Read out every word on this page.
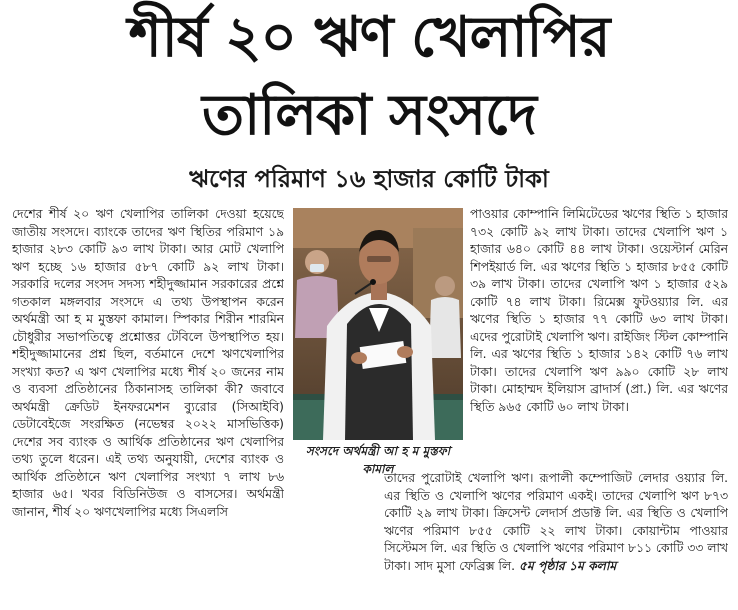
শীর্ষ ২০ ঋণ খেলাপির
তালিকা সংসদে
ঋণের পরিমাণ ১৬ হাজার কোটি টাকা

দেশের শীর্ষ ২০ ঋণ খেলাপির তালিকা দেওয়া হয়েছে জাতীয় সংসদে। ব্যাংকে তাদের ঋণ স্থিতির পরিমাণ ১৯ হাজার ২৮৩ কোটি ৯৩ লাখ টাকা। আর মোট খেলাপি ঋণ হচ্ছে ১৬ হাজার ৫৮৭ কোটি ৯২ লাখ টাকা। সরকারি দলের সংসদ সদস্য শহীদুজ্জামান সরকারের প্রশ্নে গতকাল মঙ্গলবার সংসদে এ তথ্য উপস্থাপন করেন অর্থমন্ত্রী আ হ ম মুস্তফা কামাল। স্পিকার শিরীন শারমিন চৌধুরীর সভাপতিত্বে প্রশ্নোত্তর টেবিলে উপস্থাপিত হয়। শহীদুজ্জামানের প্রশ্ন ছিল, বর্তমানে দেশে ঋণখেলাপির সংখ্যা কত? এ ঋণ খেলাপির মধ্যে শীর্ষ ২০ জনের নাম ও ব্যবসা প্রতিষ্ঠানের ঠিকানাসহ তালিকা কী? জবাবে অর্থমন্ত্রী ক্রেডিট ইনফরমেশন ব্যুরোর (সিআইবি) ডেটাবেইজে সংরক্ষিত (নভেম্বর ২০২২ মাসভিত্তিক) দেশের সব ব্যাংক ও আর্থিক প্রতিষ্ঠানের ঋণ খেলাপির তথ্য তুলে ধরেন। এই তথ্য অনুযায়ী, দেশের ব্যাংক ও আর্থিক প্রতিষ্ঠানে ঋণ খেলাপির সংখ্যা ৭ লাখ ৮৬ হাজার ৬৫। খবর বিডিনিউজ ও বাসসের। অর্থমন্ত্রী জানান, শীর্ষ ২০ ঋণখেলাপির মধ্যে সিএলসি

সংসদে অর্থমন্ত্রী আ হ ম মুস্তফা কামাল

পাওয়ার কোম্পানি লিমিটেডের ঋণের স্থিতি ১ হাজার ৭৩২ কোটি ৯২ লাখ টাকা। তাদের খেলাপি ঋণ ১ হাজার ৬৪০ কোটি ৪৪ লাখ টাকা। ওয়েস্টার্ন মেরিন শিপইয়ার্ড লি. এর ঋণের স্থিতি ১ হাজার ৮৫৫ কোটি ৩৯ লাখ টাকা। তাদের খেলাপি ঋণ ১ হাজার ৫২৯ কোটি ৭৪ লাখ টাকা। রিমেক্স ফুটওয়্যার লি. এর ঋণের স্থিতি ১ হাজার ৭৭ কোটি ৬৩ লাখ টাকা। এদের পুরোটাই খেলাপি ঋণ। রাইজিং স্টিল কোম্পানি লি. এর ঋণের স্থিতি ১ হাজার ১৪২ কোটি ৭৬ লাখ টাকা। তাদের খেলাপি ঋণ ৯৯০ কোটি ২৮ লাখ টাকা। মোহাম্মদ ইলিয়াস ব্রাদার্স (প্রা.) লি. এর ঋণের স্থিতি ৯৬৫ কোটি ৬০ লাখ টাকা।

তাদের পুরোটাই খেলাপি ঋণ। রূপালী কম্পোজিট লেদার ওয়্যার লি. এর স্থিতি ও খেলাপি ঋণের পরিমাণ একই। তাদের খেলাপি ঋণ ৮৭৩ কোটি ২৯ লাখ টাকা। ক্রিসেন্ট লেদার্স প্রডাক্ট লি. এর স্থিতি ও খেলাপি ঋণের পরিমাণ ৮৫৫ কোটি ২২ লাখ টাকা। কোয়ান্টাম পাওয়ার সিস্টেমস লি. এর স্থিতি ও খেলাপি ঋণের পরিমাণ ৮১১ কোটি ৩৩ লাখ টাকা। সাদ মুসা ফেব্রিক্স লি. ৫ম পৃষ্ঠার ১ম কলাম
